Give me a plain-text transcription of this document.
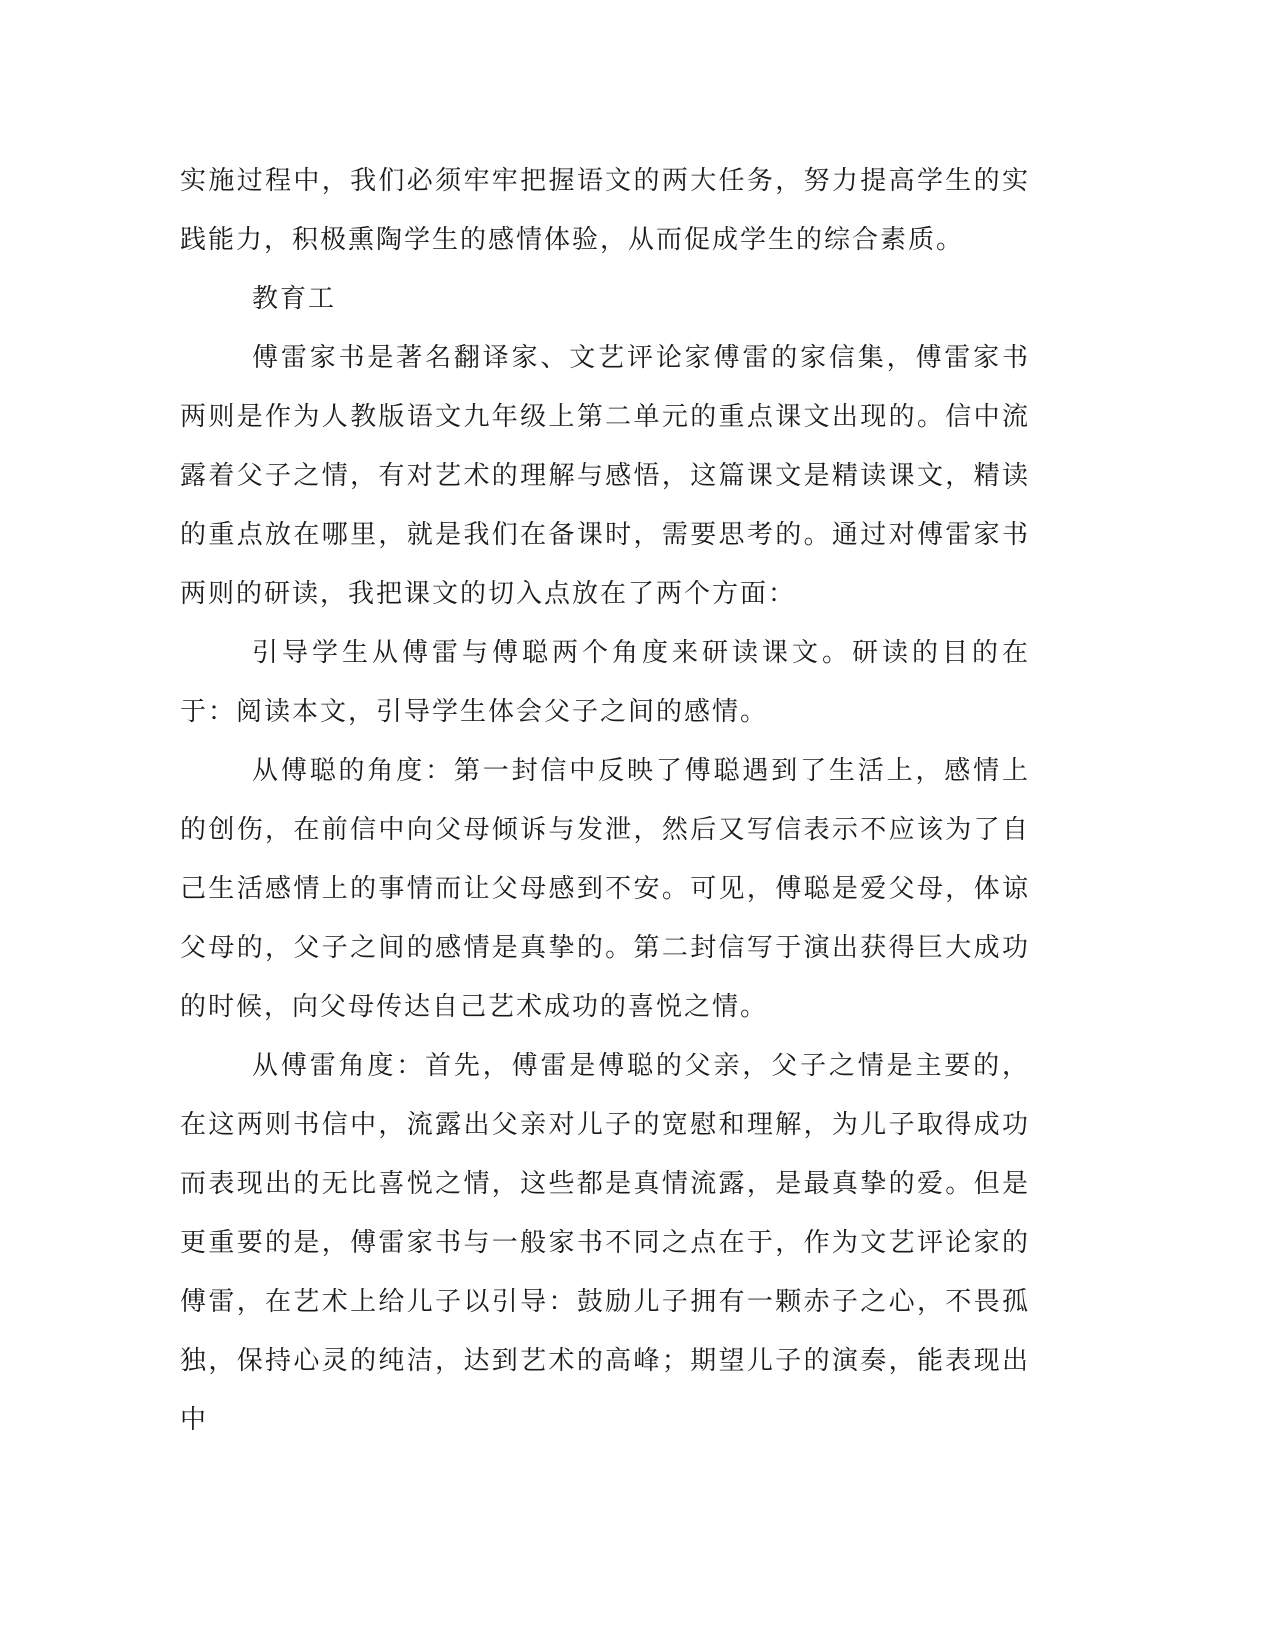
实施过程中，我们必须牢牢把握语文的两大任务，努力提高学生的实践能力，积极熏陶学生的感情体验，从而促成学生的综合素质。

教育工

傅雷家书是著名翻译家、文艺评论家傅雷的家信集，傅雷家书两则是作为人教版语文九年级上第二单元的重点课文出现的。信中流露着父子之情，有对艺术的理解与感悟，这篇课文是精读课文，精读的重点放在哪里，就是我们在备课时，需要思考的。通过对傅雷家书两则的研读，我把课文的切入点放在了两个方面：

引导学生从傅雷与傅聪两个角度来研读课文。研读的目的在于：阅读本文，引导学生体会父子之间的感情。

从傅聪的角度：第一封信中反映了傅聪遇到了生活上，感情上的创伤，在前信中向父母倾诉与发泄，然后又写信表示不应该为了自己生活感情上的事情而让父母感到不安。可见，傅聪是爱父母，体谅父母的，父子之间的感情是真挚的。第二封信写于演出获得巨大成功的时候，向父母传达自己艺术成功的喜悦之情。

从傅雷角度：首先，傅雷是傅聪的父亲，父子之情是主要的，在这两则书信中，流露出父亲对儿子的宽慰和理解，为儿子取得成功而表现出的无比喜悦之情，这些都是真情流露，是最真挚的爱。但是更重要的是，傅雷家书与一般家书不同之点在于，作为文艺评论家的傅雷，在艺术上给儿子以引导：鼓励儿子拥有一颗赤子之心，不畏孤独，保持心灵的纯洁，达到艺术的高峰；期望儿子的演奏，能表现出中
